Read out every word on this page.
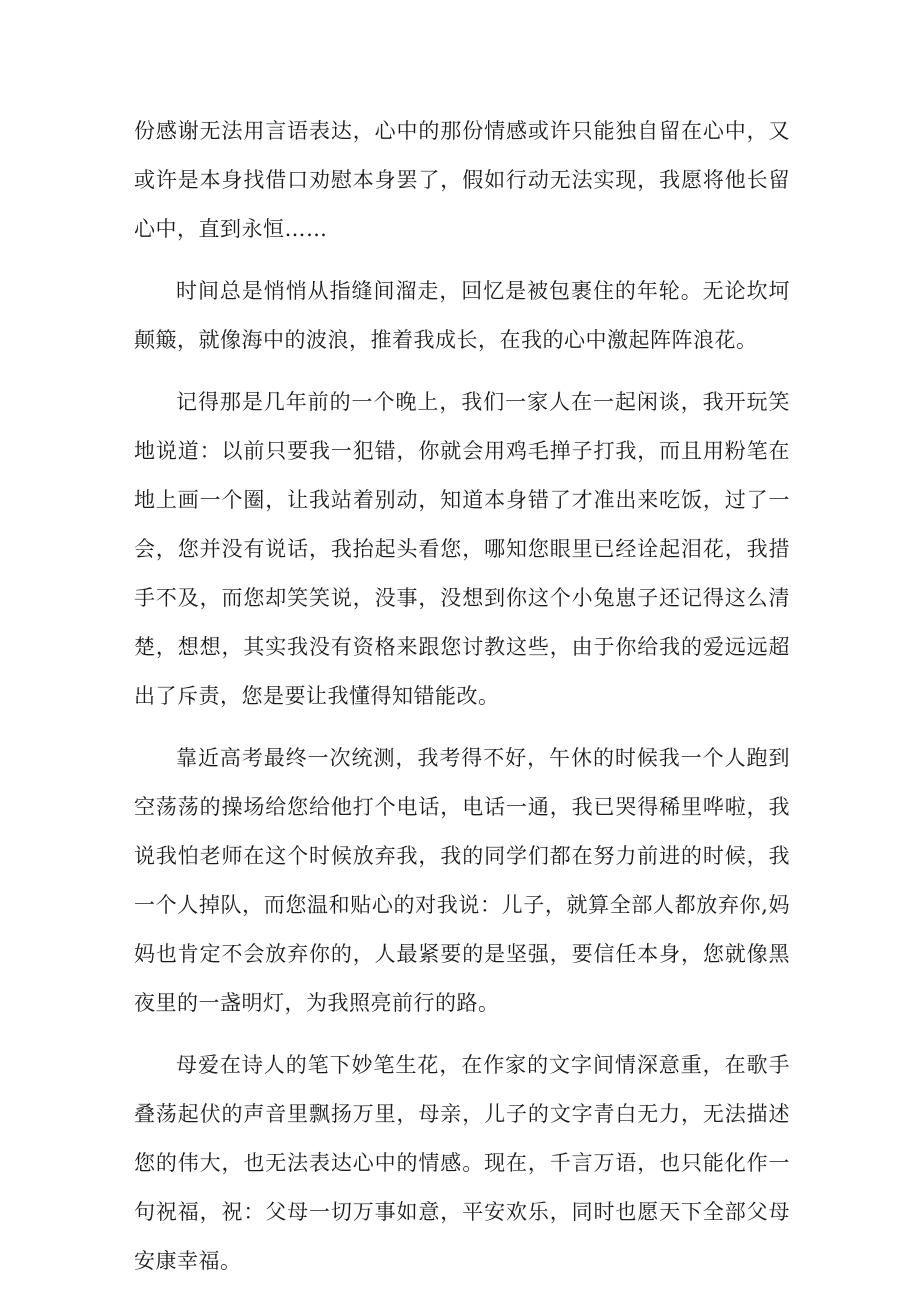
份感谢无法用言语表达，心中的那份情感或许只能独自留在心中，又或许是本身找借口劝慰本身罢了，假如行动无法实现，我愿将他长留心中，直到永恒……

时间总是悄悄从指缝间溜走，回忆是被包裹住的年轮。无论坎坷颠簸，就像海中的波浪，推着我成长，在我的心中激起阵阵浪花。

记得那是几年前的一个晚上，我们一家人在一起闲谈，我开玩笑地说道：以前只要我一犯错，你就会用鸡毛掸子打我，而且用粉笔在地上画一个圈，让我站着别动，知道本身错了才准出来吃饭，过了一会，您并没有说话，我抬起头看您，哪知您眼里已经诠起泪花，我措手不及，而您却笑笑说，没事，没想到你这个小兔崽子还记得这么清楚，想想，其实我没有资格来跟您讨教这些，由于你给我的爱远远超出了斥责，您是要让我懂得知错能改。

靠近高考最终一次统测，我考得不好，午休的时候我一个人跑到空荡荡的操场给您给他打个电话，电话一通，我已哭得稀里哗啦，我说我怕老师在这个时候放弃我，我的同学们都在努力前进的时候，我一个人掉队，而您温和贴心的对我说：儿子，就算全部人都放弃你,妈妈也肯定不会放弃你的，人最紧要的是坚强，要信任本身，您就像黑夜里的一盏明灯，为我照亮前行的路。

母爱在诗人的笔下妙笔生花，在作家的文字间情深意重，在歌手叠荡起伏的声音里飘扬万里，母亲，儿子的文字青白无力，无法描述您的伟大，也无法表达心中的情感。现在，千言万语，也只能化作一句祝福，祝：父母一切万事如意，平安欢乐，同时也愿天下全部父母安康幸福。
